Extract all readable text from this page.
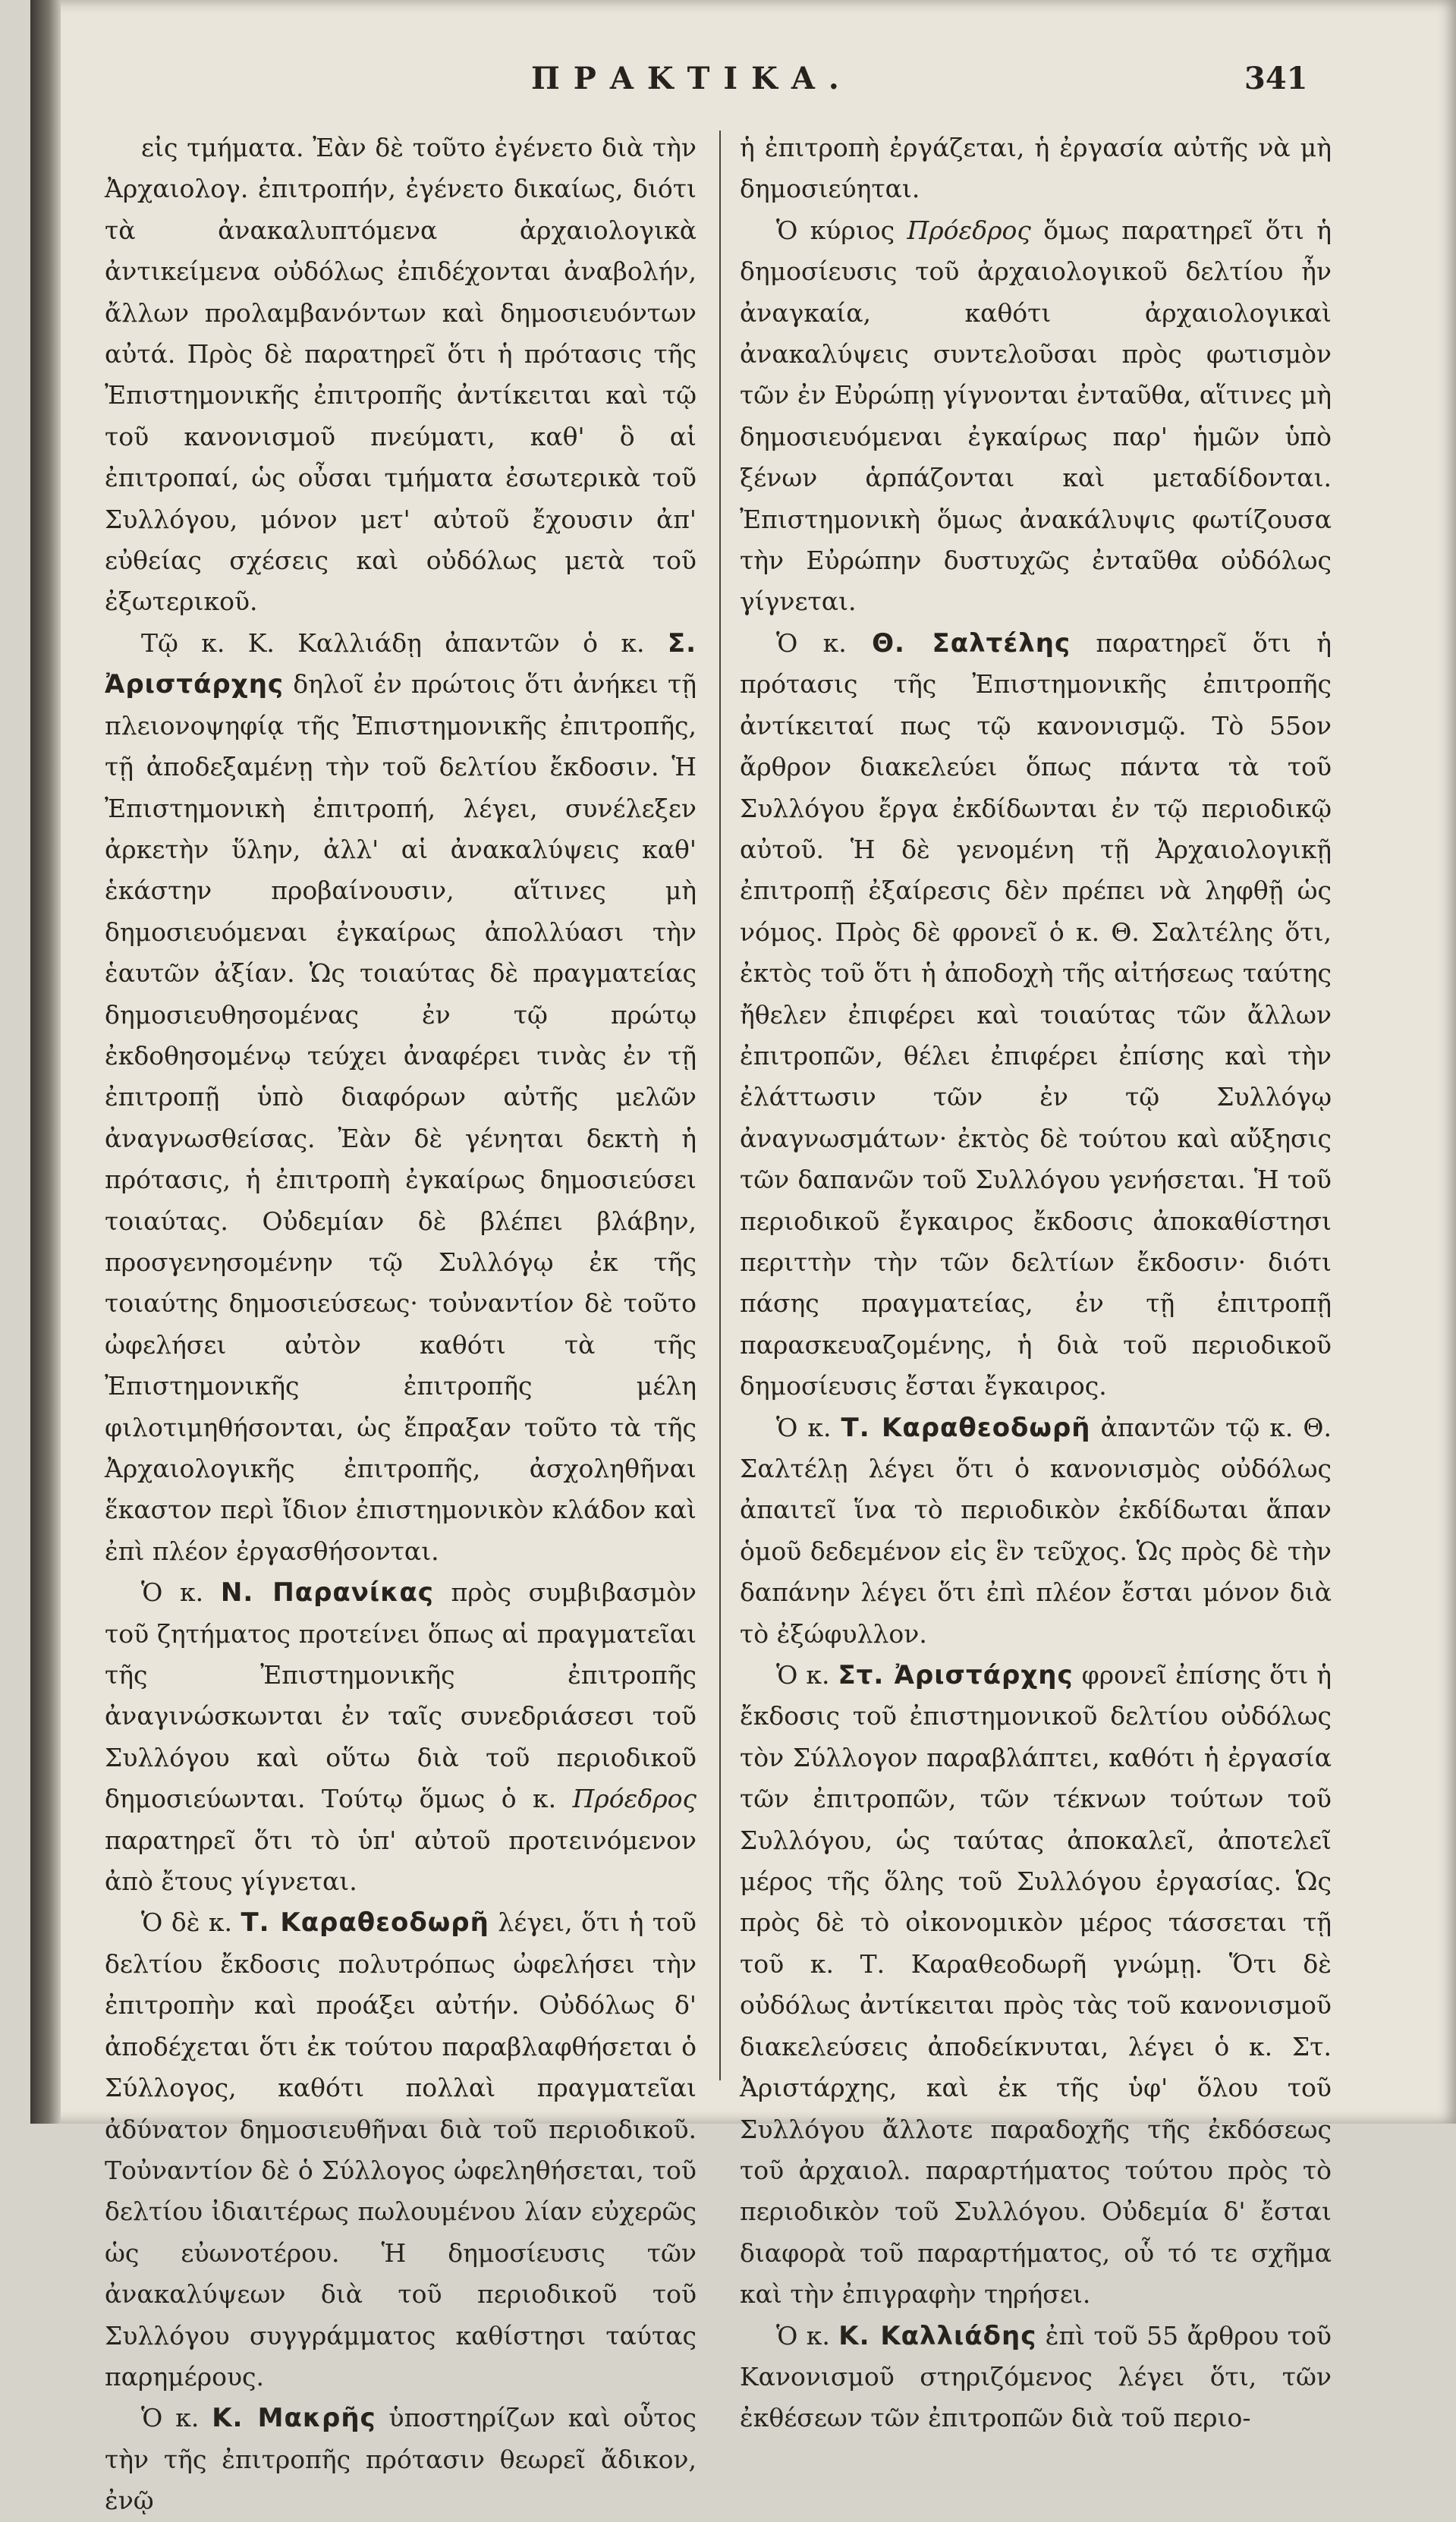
ΠΡΑΚΤΙΚΑ.	341

εἰς τμήματα. Ἐὰν δὲ τοῦτο ἐγένετο διὰ τὴν Ἀρχαιολογ. ἐπιτροπήν, ἐγένετο δικαίως, διότι τὰ ἀνακαλυπτόμενα ἀρχαιολογικὰ ἀντικείμενα οὐδόλως ἐπιδέχονται ἀναβολήν, ἄλλων προλαμβανόντων καὶ δημοσιευόντων αὐτά. Πρὸς δὲ παρατηρεῖ ὅτι ἡ πρότασις τῆς Ἐπιστημονικῆς ἐπιτροπῆς ἀντίκειται καὶ τῷ τοῦ κανονισμοῦ πνεύματι, καθ' ὃ αἱ ἐπιτροπαί, ὡς οὖσαι τμήματα ἐσωτερικὰ τοῦ Συλλόγου, μόνον μετ' αὐτοῦ ἔχουσιν ἀπ' εὐθείας σχέσεις καὶ οὐδόλως μετὰ τοῦ ἐξωτερικοῦ.

Τῷ κ. Κ. Καλλιάδῃ ἀπαντῶν ὁ κ. Σ. Ἀριστάρχης δηλοῖ ἐν πρώτοις ὅτι ἀνήκει τῇ πλειονοψηφίᾳ τῆς Ἐπιστημονικῆς ἐπιτροπῆς, τῇ ἀποδεξαμένῃ τὴν τοῦ δελτίου ἔκδοσιν. Ἡ Ἐπιστημονικὴ ἐπιτροπή, λέγει, συνέλεξεν ἀρκετὴν ὕλην, ἀλλ' αἱ ἀνακαλύψεις καθ' ἑκάστην προβαίνουσιν, αἵτινες μὴ δημοσιευόμεναι ἐγκαίρως ἀπολλύασι τὴν ἑαυτῶν ἀξίαν. Ὡς τοιαύτας δὲ πραγματείας δημοσιευθησομένας ἐν τῷ πρώτῳ ἐκδοθησομένῳ τεύχει ἀναφέρει τινὰς ἐν τῇ ἐπιτροπῇ ὑπὸ διαφόρων αὐτῆς μελῶν ἀναγνωσθείσας. Ἐὰν δὲ γένηται δεκτὴ ἡ πρότασις, ἡ ἐπιτροπὴ ἐγκαίρως δημοσιεύσει τοιαύτας. Οὐδεμίαν δὲ βλέπει βλάβην, προσγενησομένην τῷ Συλλόγῳ ἐκ τῆς τοιαύτης δημοσιεύσεως· τοὐναντίον δὲ τοῦτο ὠφελήσει αὐτὸν καθότι τὰ τῆς Ἐπιστημονικῆς ἐπιτροπῆς μέλη φιλοτιμηθήσονται, ὡς ἔπραξαν τοῦτο τὰ τῆς Ἀρχαιολογικῆς ἐπιτροπῆς, ἀσχοληθῆναι ἕκαστον περὶ ἴδιον ἐπιστημονικὸν κλάδον καὶ ἐπὶ πλέον ἐργασθήσονται.

Ὁ κ. Ν. Παρανίκας πρὸς συμβιβασμὸν τοῦ ζητήματος προτείνει ὅπως αἱ πραγματεῖαι τῆς Ἐπιστημονικῆς ἐπιτροπῆς ἀναγινώσκωνται ἐν ταῖς συνεδριάσεσι τοῦ Συλλόγου καὶ οὕτω διὰ τοῦ περιοδικοῦ δημοσιεύωνται. Τούτῳ ὅμως ὁ κ. Πρόεδρος παρατηρεῖ ὅτι τὸ ὑπ' αὐτοῦ προτεινόμενον ἀπὸ ἔτους γίγνεται.

Ὁ δὲ κ. Τ. Καραθεοδωρῆ λέγει, ὅτι ἡ τοῦ δελτίου ἔκδοσις πολυτρόπως ὠφελήσει τὴν ἐπιτροπὴν καὶ προάξει αὐτήν. Οὐδόλως δ' ἀποδέχεται ὅτι ἐκ τούτου παραβλαφθήσεται ὁ Σύλλογος, καθότι πολλαὶ πραγματεῖαι ἀδύνατον δημοσιευθῆναι διὰ τοῦ περιοδικοῦ. Τοὐναντίον δὲ ὁ Σύλλογος ὠφεληθήσεται, τοῦ δελτίου ἰδιαιτέρως πωλουμένου λίαν εὐχερῶς ὡς εὐωνοτέρου. Ἡ δημοσίευσις τῶν ἀνακαλύψεων διὰ τοῦ περιοδικοῦ τοῦ Συλλόγου συγγράμματος καθίστησι ταύτας παρημέρους.

Ὁ κ. Κ. Μακρῆς ὑποστηρίζων καὶ οὗτος τὴν τῆς ἐπιτροπῆς πρότασιν θεωρεῖ ἄδικον, ἐνῷ

ἡ ἐπιτροπὴ ἐργάζεται, ἡ ἐργασία αὐτῆς νὰ μὴ δημοσιεύηται.

Ὁ κύριος Πρόεδρος ὅμως παρατηρεῖ ὅτι ἡ δημοσίευσις τοῦ ἀρχαιολογικοῦ δελτίου ἦν ἀναγκαία, καθότι ἀρχαιολογικαὶ ἀνακαλύψεις συντελοῦσαι πρὸς φωτισμὸν τῶν ἐν Εὐρώπῃ γίγνονται ἐνταῦθα, αἵτινες μὴ δημοσιευόμεναι ἐγκαίρως παρ' ἡμῶν ὑπὸ ξένων ἁρπάζονται καὶ μεταδίδονται. Ἐπιστημονικὴ ὅμως ἀνακάλυψις φωτίζουσα τὴν Εὐρώπην δυστυχῶς ἐνταῦθα οὐδόλως γίγνεται.

Ὁ κ. Θ. Σαλτέλης παρατηρεῖ ὅτι ἡ πρότασις τῆς Ἐπιστημονικῆς ἐπιτροπῆς ἀντίκειταί πως τῷ κανονισμῷ. Τὸ 55ον ἄρθρον διακελεύει ὅπως πάντα τὰ τοῦ Συλλόγου ἔργα ἐκδίδωνται ἐν τῷ περιοδικῷ αὐτοῦ. Ἡ δὲ γενομένη τῇ Ἀρχαιολογικῇ ἐπιτροπῇ ἐξαίρεσις δὲν πρέπει νὰ ληφθῇ ὡς νόμος. Πρὸς δὲ φρονεῖ ὁ κ. Θ. Σαλτέλης ὅτι, ἐκτὸς τοῦ ὅτι ἡ ἀποδοχὴ τῆς αἰτήσεως ταύτης ἤθελεν ἐπιφέρει καὶ τοιαύτας τῶν ἄλλων ἐπιτροπῶν, θέλει ἐπιφέρει ἐπίσης καὶ τὴν ἐλάττωσιν τῶν ἐν τῷ Συλλόγῳ ἀναγνωσμάτων· ἐκτὸς δὲ τούτου καὶ αὔξησις τῶν δαπανῶν τοῦ Συλλόγου γενήσεται. Ἡ τοῦ περιοδικοῦ ἔγκαιρος ἔκδοσις ἀποκαθίστησι περιττὴν τὴν τῶν δελτίων ἔκδοσιν· διότι πάσης πραγματείας, ἐν τῇ ἐπιτροπῇ παρασκευαζομένης, ἡ διὰ τοῦ περιοδικοῦ δημοσίευσις ἔσται ἔγκαιρος.

Ὁ κ. Τ. Καραθεοδωρῆ ἀπαντῶν τῷ κ. Θ. Σαλτέλῃ λέγει ὅτι ὁ κανονισμὸς οὐδόλως ἀπαιτεῖ ἵνα τὸ περιοδικὸν ἐκδίδωται ἅπαν ὁμοῦ δεδεμένον εἰς ἓν τεῦχος. Ὡς πρὸς δὲ τὴν δαπάνην λέγει ὅτι ἐπὶ πλέον ἔσται μόνον διὰ τὸ ἐξώφυλλον.

Ὁ κ. Στ. Ἀριστάρχης φρονεῖ ἐπίσης ὅτι ἡ ἔκδοσις τοῦ ἐπιστημονικοῦ δελτίου οὐδόλως τὸν Σύλλογον παραβλάπτει, καθότι ἡ ἐργασία τῶν ἐπιτροπῶν, τῶν τέκνων τούτων τοῦ Συλλόγου, ὡς ταύτας ἀποκαλεῖ, ἀποτελεῖ μέρος τῆς ὅλης τοῦ Συλλόγου ἐργασίας. Ὡς πρὸς δὲ τὸ οἰκονομικὸν μέρος τάσσεται τῇ τοῦ κ. Τ. Καραθεοδωρῆ γνώμῃ. Ὅτι δὲ οὐδόλως ἀντίκειται πρὸς τὰς τοῦ κανονισμοῦ διακελεύσεις ἀποδείκνυται, λέγει ὁ κ. Στ. Ἀριστάρχης, καὶ ἐκ τῆς ὑφ' ὅλου τοῦ Συλλόγου ἄλλοτε παραδοχῆς τῆς ἐκδόσεως τοῦ ἀρχαιολ. παραρτήματος τούτου πρὸς τὸ περιοδικὸν τοῦ Συλλόγου. Οὐδεμία δ' ἔσται διαφορὰ τοῦ παραρτήματος, οὗ τό τε σχῆμα καὶ τὴν ἐπιγραφὴν τηρήσει.

Ὁ κ. Κ. Καλλιάδης ἐπὶ τοῦ 55 ἄρθρου τοῦ Κανονισμοῦ στηριζόμενος λέγει ὅτι, τῶν ἐκθέσεων τῶν ἐπιτροπῶν διὰ τοῦ περιο-
